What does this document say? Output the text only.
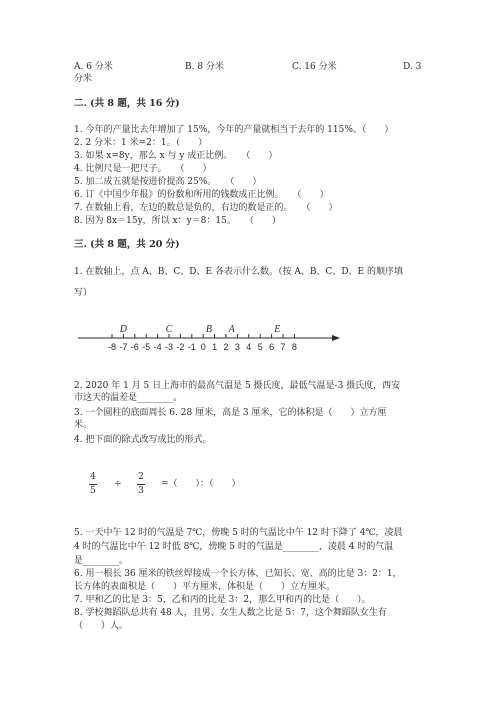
A. 6 分米	B. 8 分米	C. 16 分米	D. 3
分米
二. (共 8 题，共 16 分)
1. 今年的产量比去年增加了 15%，今年的产量就相当于去年的 115%。（　　）
2. 2 分米：1 米=2：1。（　　）
3. 如果 x=8y，那么 x 与 y 成正比例。　　（　　）
4. 比例尺是一把尺子。　　（　　）
5. 加二成五就是按进价提高 25%。　　（　　）
6. 订《中国少年报》的份数和所用的钱数成正比例。　　（　　）
7. 在数轴上看，左边的数总是负的，右边的数是正的。　　（　　）
8. 因为 8x＝15y，所以 x：y＝8：15。　　（　　）
三. (共 8 题，共 20 分)
1. 在数轴上，点 A、B、C、D、E 各表示什么数。（按 A、B、C、D、E 的顺序填
写）
-8 -7 -6 -5 -4 -3 -2 -1 0 1 2 3 4 5 6 7 8
D	C	B A	E
2. 2020 年 1 月 5 日上海市的最高气温是 5 摄氏度，最低气温是-3 摄氏度，西安
市这天的温差是________。
3. 一个圆柱的底面周长 6. 28 厘米，高是 3 厘米，它的体积是（　　）立方厘
米。
4. 把下面的除式改写成比的形式。
4
5
÷
2
3
=（　　）：（　　）
5. 一天中午 12 时的气温是 7℃，傍晚 5 时的气温比中午 12 时下降了 4℃，凌晨
4 时的气温比中午 12 时低 8℃，傍晚 5 时的气温是________，凌晨 4 时的气温
是________。
6. 用一根长 36 厘米的铁丝焊接成一个长方体，已知长、宽、高的比是 3：2：1，
长方体的表面积是（　　）平方厘米，体积是（　　）立方厘米。
7. 甲和乙的比是 3：5，乙和丙的比是 3：2，那么甲和丙的比是（　　）。
8. 学校舞蹈队总共有 48 人，且男、女生人数之比是 5：7，这个舞蹈队女生有
（　　）人。
